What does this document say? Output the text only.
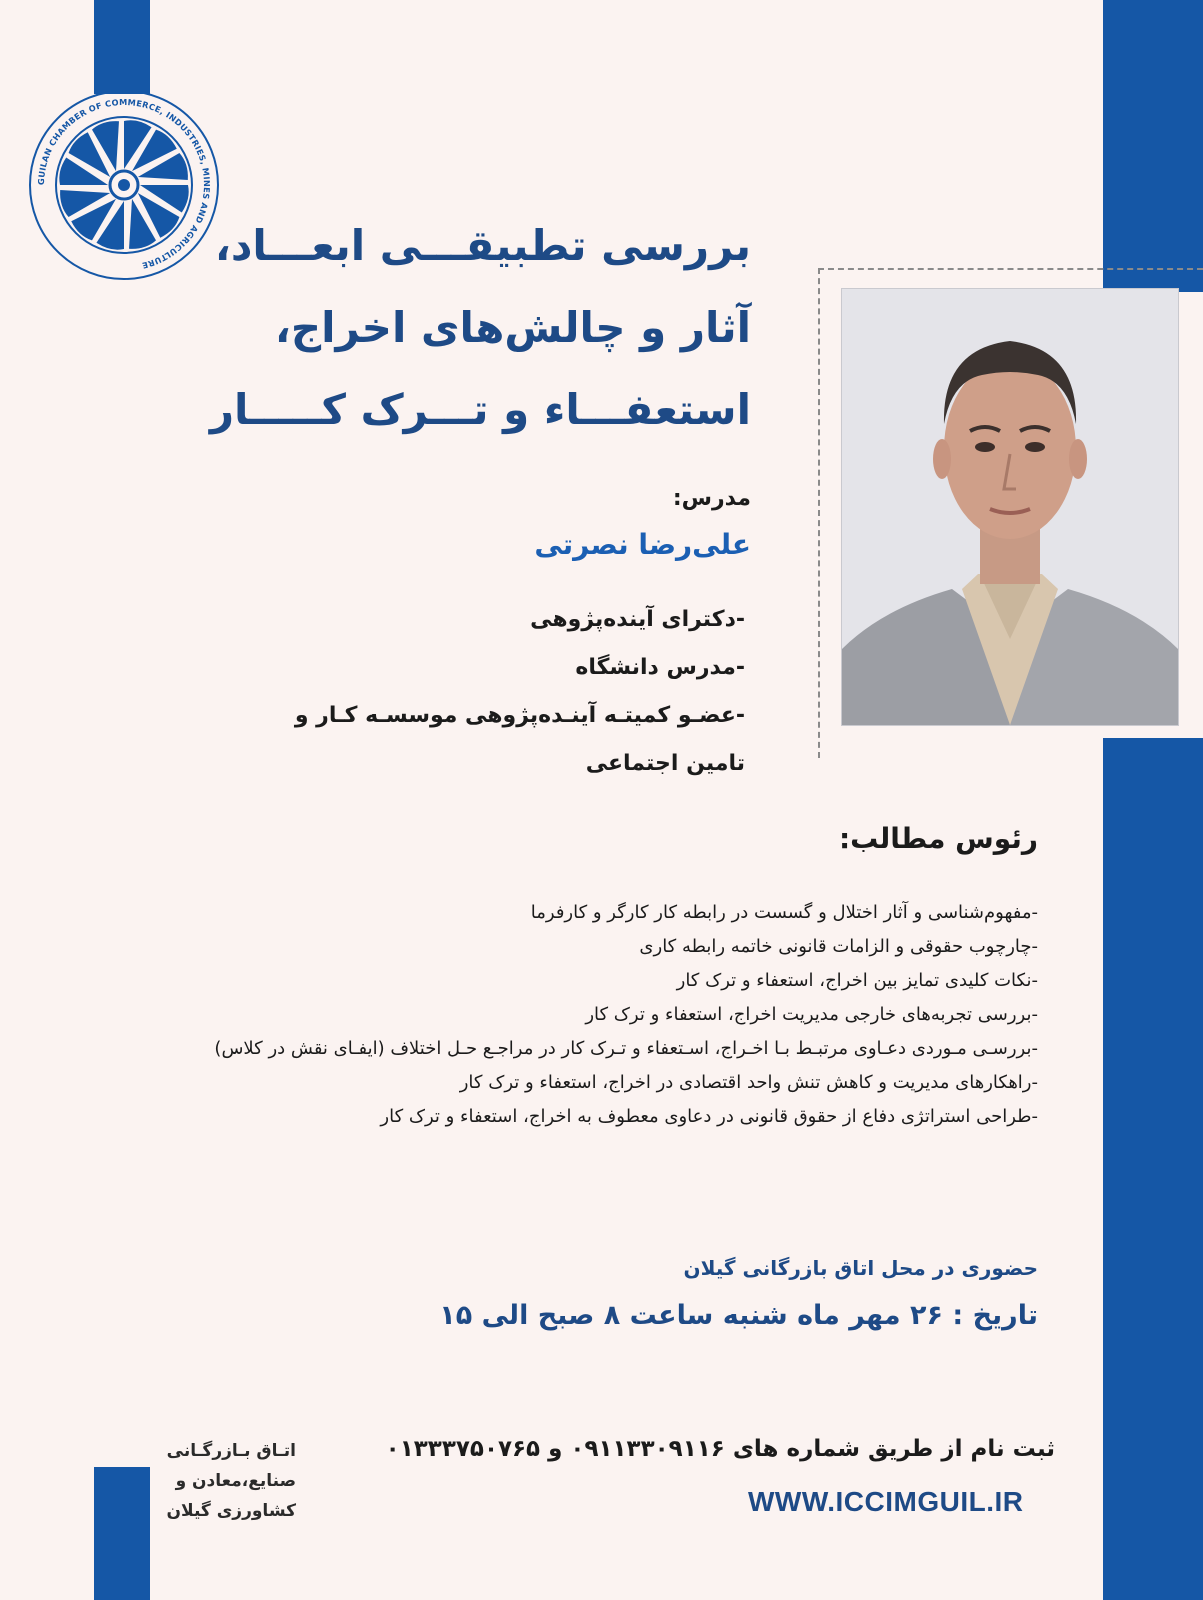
GUILAN CHAMBER OF COMMERCE, INDUSTRIES, MINES AND AGRICULTURE	بررسی تطبیقـــی ابعـــاد،
آثار و چالش‌های اخراج،
استعفـــاء و تـــرک کـــــار
مدرس:
علی‌رضا نصرتی
-دکترای آینده‌پژوهی
-مدرس دانشگاه
-عضـو کمیتـه آینـده‌پژوهی موسسـه کـار و
تامین اجتماعی
رئوس مطالب:
-مفهوم‌شناسی و آثار اختلال و گسست در رابطه کار کارگر و کارفرما
-چارچوب حقوقی و الزامات قانونی خاتمه رابطه کاری
-نکات کلیدی تمایز بین اخراج، استعفاء و ترک کار
-بررسی تجربه‌های خارجی مدیریت اخراج، استعفاء و ترک کار
-بررسـی مـوردی دعـاوی مرتبـط بـا اخـراج، اسـتعفاء و تـرک کار در مراجـع حـل اختلاف (ایفـای نقش در کلاس)
-راهکارهای مدیریت و کاهش تنش واحد اقتصادی در اخراج، استعفاء و ترک کار
-طراحی استراتژی دفاع از حقوق قانونی در دعاوی معطوف به اخراج، استعفاء و ترک کار
حضوری در محل اتاق بازرگانی گیلان
تاریخ : ۲۶ مهر ماه شنبه ساعت ۸ صبح الی ۱۵
ثبت نام از طریق شماره های ۰۹۱۱۳۳۰۹۱۱۶ و ۰۱۳۳۳۷۵۰۷۶۵
WWW.ICCIMGUIL.IR
اتـاق بـازرگـانی
صنایع،معادن و
کشاورزی گیلان
